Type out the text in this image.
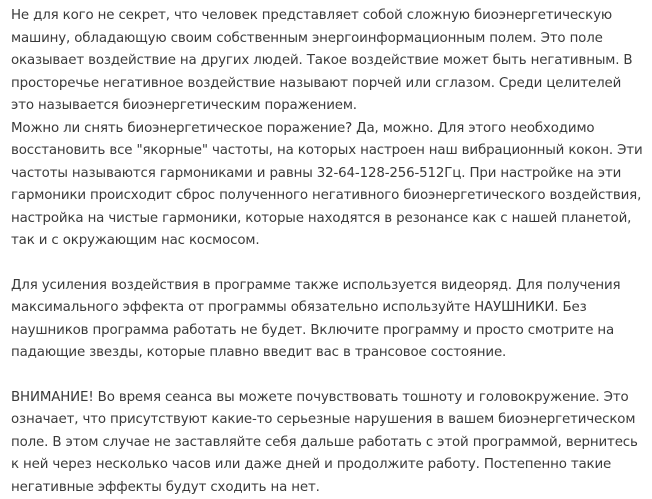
Не для кого не секрет, что человек представляет собой сложную биоэнергетическую машину, обладающую своим собственным энергоинформационным полем. Это поле оказывает воздействие на других людей. Такое воздействие может быть негативным. В просторечье негативное воздействие называют порчей или сглазом. Среди целителей это называется биоэнергетическим поражением.

Можно ли снять биоэнергетическое поражение? Да, можно. Для этого необходимо восстановить все "якорные" частоты, на которых настроен наш вибрационный кокон. Эти частоты называются гармониками и равны 32-64-128-256-512Гц. При настройке на эти гармоники происходит сброс полученного негативного биоэнергетического воздействия, настройка на чистые гармоники, которые находятся в резонансе как с нашей планетой, так и с окружающим нас космосом.

Для усиления воздействия в программе также используется видеоряд. Для получения максимального эффекта от программы обязательно используйте НАУШНИКИ. Без наушников программа работать не будет. Включите программу и просто смотрите на падающие звезды, которые плавно введит вас в трансовое состояние.

ВНИМАНИЕ! Во время сеанса вы можете почувствовать тошноту и головокружение. Это означает, что присутствуют какие-то серьезные нарушения в вашем биоэнергетическом поле. В этом случае не заставляйте себя дальше работать с этой программой, вернитесь к ней через несколько часов или даже дней и продолжите работу. Постепенно такие негативные эффекты будут сходить на нет.
